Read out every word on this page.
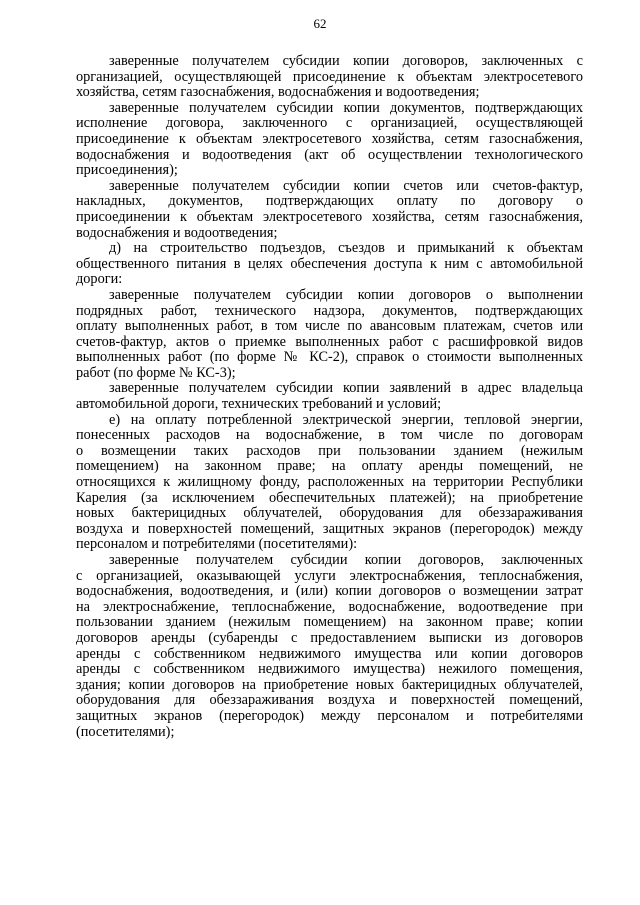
62
заверенные получателем субсидии копии договоров, заключенных с
организацией, осуществляющей присоединение к объектам электросетевого
хозяйства, сетям газоснабжения, водоснабжения и водоотведения;
заверенные получателем субсидии копии документов, подтверждающих
исполнение договора, заключенного с организацией, осуществляющей
присоединение к объектам электросетевого хозяйства, сетям газоснабжения,
водоснабжения и водоотведения (акт об осуществлении технологического
присоединения);
заверенные получателем субсидии копии счетов или счетов-фактур,
накладных, документов, подтверждающих оплату по договору о
присоединении к объектам электросетевого хозяйства, сетям газоснабжения,
водоснабжения и водоотведения;
д) на строительство подъездов, съездов и примыканий к объектам
общественного питания в целях обеспечения доступа к ним с автомобильной
дороги:
заверенные получателем субсидии копии договоров о выполнении
подрядных работ, технического надзора, документов, подтверждающих
оплату выполненных работ, в том числе по авансовым платежам, счетов или
счетов-фактур, актов о приемке выполненных работ с расшифровкой видов
выполненных работ (по форме № КС-2), справок о стоимости выполненных
работ (по форме № КС-3);
заверенные получателем субсидии копии заявлений в адрес владельца
автомобильной дороги, технических требований и условий;
е) на оплату потребленной электрической энергии, тепловой энергии,
понесенных расходов на водоснабжение, в том числе по договорам
о возмещении таких расходов при пользовании зданием (нежилым
помещением) на законном праве; на оплату аренды помещений, не
относящихся к жилищному фонду, расположенных на территории Республики
Карелия (за исключением обеспечительных платежей); на приобретение
новых бактерицидных облучателей, оборудования для обеззараживания
воздуха и поверхностей помещений, защитных экранов (перегородок) между
персоналом и потребителями (посетителями):
заверенные получателем субсидии копии договоров, заключенных
с организацией, оказывающей услуги электроснабжения, теплоснабжения,
водоснабжения, водоотведения, и (или) копии договоров о возмещении затрат
на электроснабжение, теплоснабжение, водоснабжение, водоотведение при
пользовании зданием (нежилым помещением) на законном праве; копии
договоров аренды (субаренды с предоставлением выписки из договоров
аренды с собственником недвижимого имущества или копии договоров
аренды с собственником недвижимого имущества) нежилого помещения,
здания; копии договоров на приобретение новых бактерицидных облучателей,
оборудования для обеззараживания воздуха и поверхностей помещений,
защитных экранов (перегородок) между персоналом и потребителями
(посетителями);
